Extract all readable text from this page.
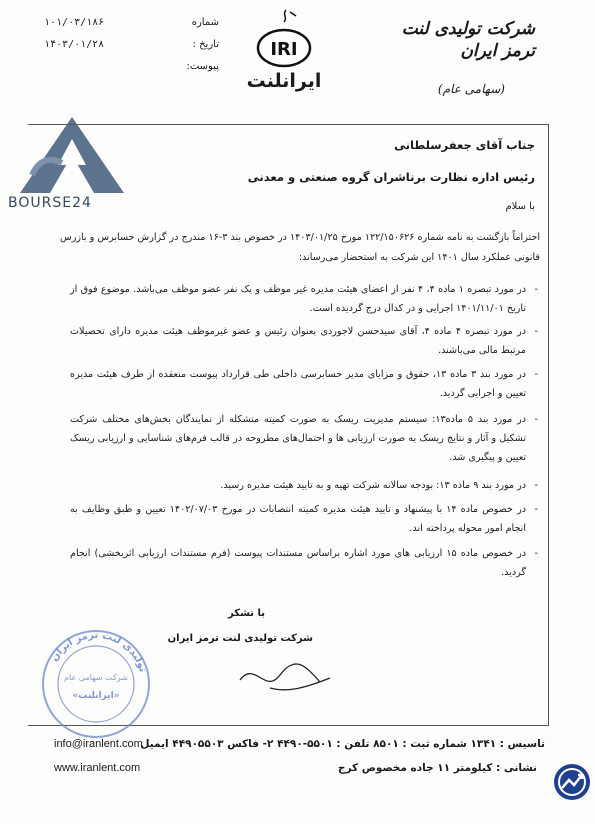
شرکت تولیدی لنت ترمز ایران
(سهامی عام)
IRI
ایرانلنت
۱۰۱/۰۳/۱۸۶	شماره
۱۴۰۳/۰۱/۲۸	تاریخ :
پیوست:
BOURSE24
جناب آقای جعفرسلطانی
رئیس اداره نظارت برناشران گروه صنعتی و معدنی
با سلام
احتراماً بازگشت به نامه شماره ۱۲۲/۱۵۰۶۲۶ مورخ ۱۴۰۳/۰۱/۲۵ در خصوص بند ۳-۱۶ مندرج در گزارش حسابرس و بازرس قانونی عملکرد سال ۱۴۰۱ این شرکت به استحضار می‌رساند:
- در مورد تبصره ۱ ماده ۴، ۴ نفر از اعضای هیئت مدیره غیر موظف و یک نفر عضو موظف می‌باشد. موضوع فوق از تاریخ ۱۴۰۱/۱۱/۰۱ اجرایی و در کدال درج گردیده است.
- در مورد تبصره ۴ ماده ۴، آقای سیدحسن لاجوردی بعنوان رئیس و عضو غیرموظف هیئت مدیره دارای تحصیلات مرتبط مالی می‌باشند.
- در مورد بند ۳ ماده ۱۳، حقوق و مزایای مدیر حسابرسی داخلی طی قرارداد پیوست منعقده از طرف هیئت مدیره تعیین و اجرایی گردید.
- در مورد بند ۵ ماده۱۳: سیستم مدیریت ریسک به صورت کمیته متشکله از نمایندگان بخش‌های مختلف شرکت تشکیل و آثار و نتایج ریسک به صورت ارزیابی ها و احتمال‌های مطروحه در قالب فرم‌های شناسایی و ارزیابی ریسک تعیین و پیگیری شد.
- در مورد بند ۹ ماده ۱۳: بودجه سالانه شرکت تهیه و به تایید هیئت مدیره رسید.
- در خصوص ماده ۱۴ با پیشنهاد و تایید هیئت مدیره کمیته انتصابات در مورخ ۱۴۰۲/۰۷/۰۳ تعیین و طبق وظایف به انجام امور محوله پرداخته اند.
- در خصوص ماده ۱۵ ارزیابی های مورد اشاره براساس مستندات پیوست (فرم مستندات ارزیابی اثربخشی) انجام گردید.
با تشکر
شرکت تولیدی لنت ترمز ایران
تولیدی لنت ترمز ایران
شرکت سهامی عام
«ایرانلنت»
info@iranlent.com
تاسیس : ۱۳۴۱ شماره ثبت : ۸۵۰۱ تلفن : ۵۵۰۱-۴۴۹۰ ۲- فاکس ۴۴۹۰۵۵۰۳ ایمیل
www.iranlent.com	نشانی : کیلومتر ۱۱ جاده مخصوص کرج
